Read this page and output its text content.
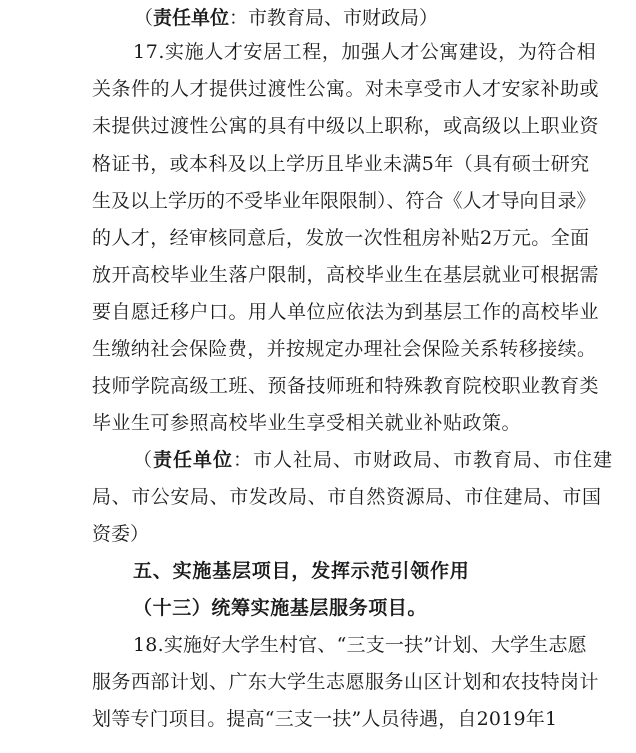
（责任单位：市教育局、市财政局）
17.实施人才安居工程，加强人才公寓建设，为符合相
关条件的人才提供过渡性公寓。对未享受市人才安家补助或
未提供过渡性公寓的具有中级以上职称，或高级以上职业资
格证书，或本科及以上学历且毕业未满5年（具有硕士研究
生及以上学历的不受毕业年限限制）、符合《人才导向目录》
的人才，经审核同意后，发放一次性租房补贴2万元。全面
放开高校毕业生落户限制，高校毕业生在基层就业可根据需
要自愿迁移户口。用人单位应依法为到基层工作的高校毕业
生缴纳社会保险费，并按规定办理社会保险关系转移接续。
技师学院高级工班、预备技师班和特殊教育院校职业教育类
毕业生可参照高校毕业生享受相关就业补贴政策。
（责任单位：市人社局、市财政局、市教育局、市住建
局、市公安局、市发改局、市自然资源局、市住建局、市国
资委）
五、实施基层项目，发挥示范引领作用
（十三）统筹实施基层服务项目。
18.实施好大学生村官、“三支一扶”计划、大学生志愿
服务西部计划、广东大学生志愿服务山区计划和农技特岗计
划等专门项目。提高“三支一扶”人员待遇，自2019年1
